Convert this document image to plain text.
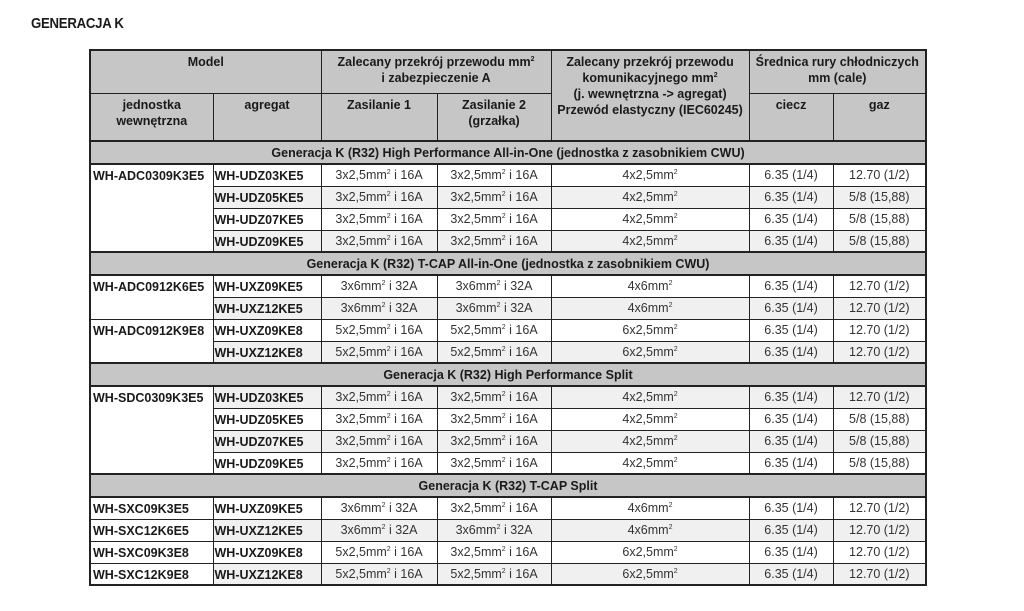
GENERACJA K
Model		Zalecany przekrój przewodu $mm^2$
i zabezpieczenie A		Zalecany przekrój przewodu
komunikacyjnego $mm^2$
(j. wewnętrzna -> agregat)
Przewód elastyczny (IEC60245)	Średnica rury chłodniczych
mm (cale)	
jednostka
wewnętrzna	agregat	Zasilanie 1	Zasilanie 2
(grzałka)		ciecz	gaz
Generacja K (R32) High Performance All-in-One (jednostka z zasobnikiem CWU)						
WH-ADC0309K3E5	WH-UDZ03KE5	$3x2,5mm^2$ i 16A	$3x2,5mm^2$ i 16A	$4x2,5mm^2$	6.35 (1/4)	12.70 (1/2)
	WH-UDZ05KE5	$3x2,5mm^2$ i 16A	$3x2,5mm^2$ i 16A	$4x2,5mm^2$	6.35 (1/4)	5/8 (15,88)
	WH-UDZ07KE5	$3x2,5mm^2$ i 16A	$3x2,5mm^2$ i 16A	$4x2,5mm^2$	6.35 (1/4)	5/8 (15,88)
	WH-UDZ09KE5	$3x2,5mm^2$ i 16A	$3x2,5mm^2$ i 16A	$4x2,5mm^2$	6.35 (1/4)	5/8 (15,88)
Generacja K (R32) T-CAP All-in-One (jednostka z zasobnikiem CWU)						
WH-ADC0912K6E5	WH-UXZ09KE5	$3x6mm^2$ i 32A	$3x6mm^2$ i 32A	$4x6mm^2$	6.35 (1/4)	12.70 (1/2)
	WH-UXZ12KE5	$3x6mm^2$ i 32A	$3x6mm^2$ i 32A	$4x6mm^2$	6.35 (1/4)	12.70 (1/2)
WH-ADC0912K9E8	WH-UXZ09KE8	$5x2,5mm^2$ i 16A	$5x2,5mm^2$ i 16A	$6x2,5mm^2$	6.35 (1/4)	12.70 (1/2)
	WH-UXZ12KE8	$5x2,5mm^2$ i 16A	$5x2,5mm^2$ i 16A	$6x2,5mm^2$	6.35 (1/4)	12.70 (1/2)
Generacja K (R32) High Performance Split						
WH-SDC0309K3E5	WH-UDZ03KE5	$3x2,5mm^2$ i 16A	$3x2,5mm^2$ i 16A	$4x2,5mm^2$	6.35 (1/4)	12.70 (1/2)
	WH-UDZ05KE5	$3x2,5mm^2$ i 16A	$3x2,5mm^2$ i 16A	$4x2,5mm^2$	6.35 (1/4)	5/8 (15,88)
	WH-UDZ07KE5	$3x2,5mm^2$ i 16A	$3x2,5mm^2$ i 16A	$4x2,5mm^2$	6.35 (1/4)	5/8 (15,88)
	WH-UDZ09KE5	$3x2,5mm^2$ i 16A	$3x2,5mm^2$ i 16A	$4x2,5mm^2$	6.35 (1/4)	5/8 (15,88)
Generacja K (R32) T-CAP Split						
WH-SXC09K3E5	WH-UXZ09KE5	$3x6mm^2$ i 32A	$3x2,5mm^2$ i 16A	$4x6mm^2$	6.35 (1/4)	12.70 (1/2)
WH-SXC12K6E5	WH-UXZ12KE5	$3x6mm^2$ i 32A	$3x6mm^2$ i 32A	$4x6mm^2$	6.35 (1/4)	12.70 (1/2)
WH-SXC09K3E8	WH-UXZ09KE8	$5x2,5mm^2$ i 16A	$3x2,5mm^2$ i 16A	$6x2,5mm^2$	6.35 (1/4)	12.70 (1/2)
WH-SXC12K9E8	WH-UXZ12KE8	$5x2,5mm^2$ i 16A	$5x2,5mm^2$ i 16A	$6x2,5mm^2$	6.35 (1/4)	12.70 (1/2)
